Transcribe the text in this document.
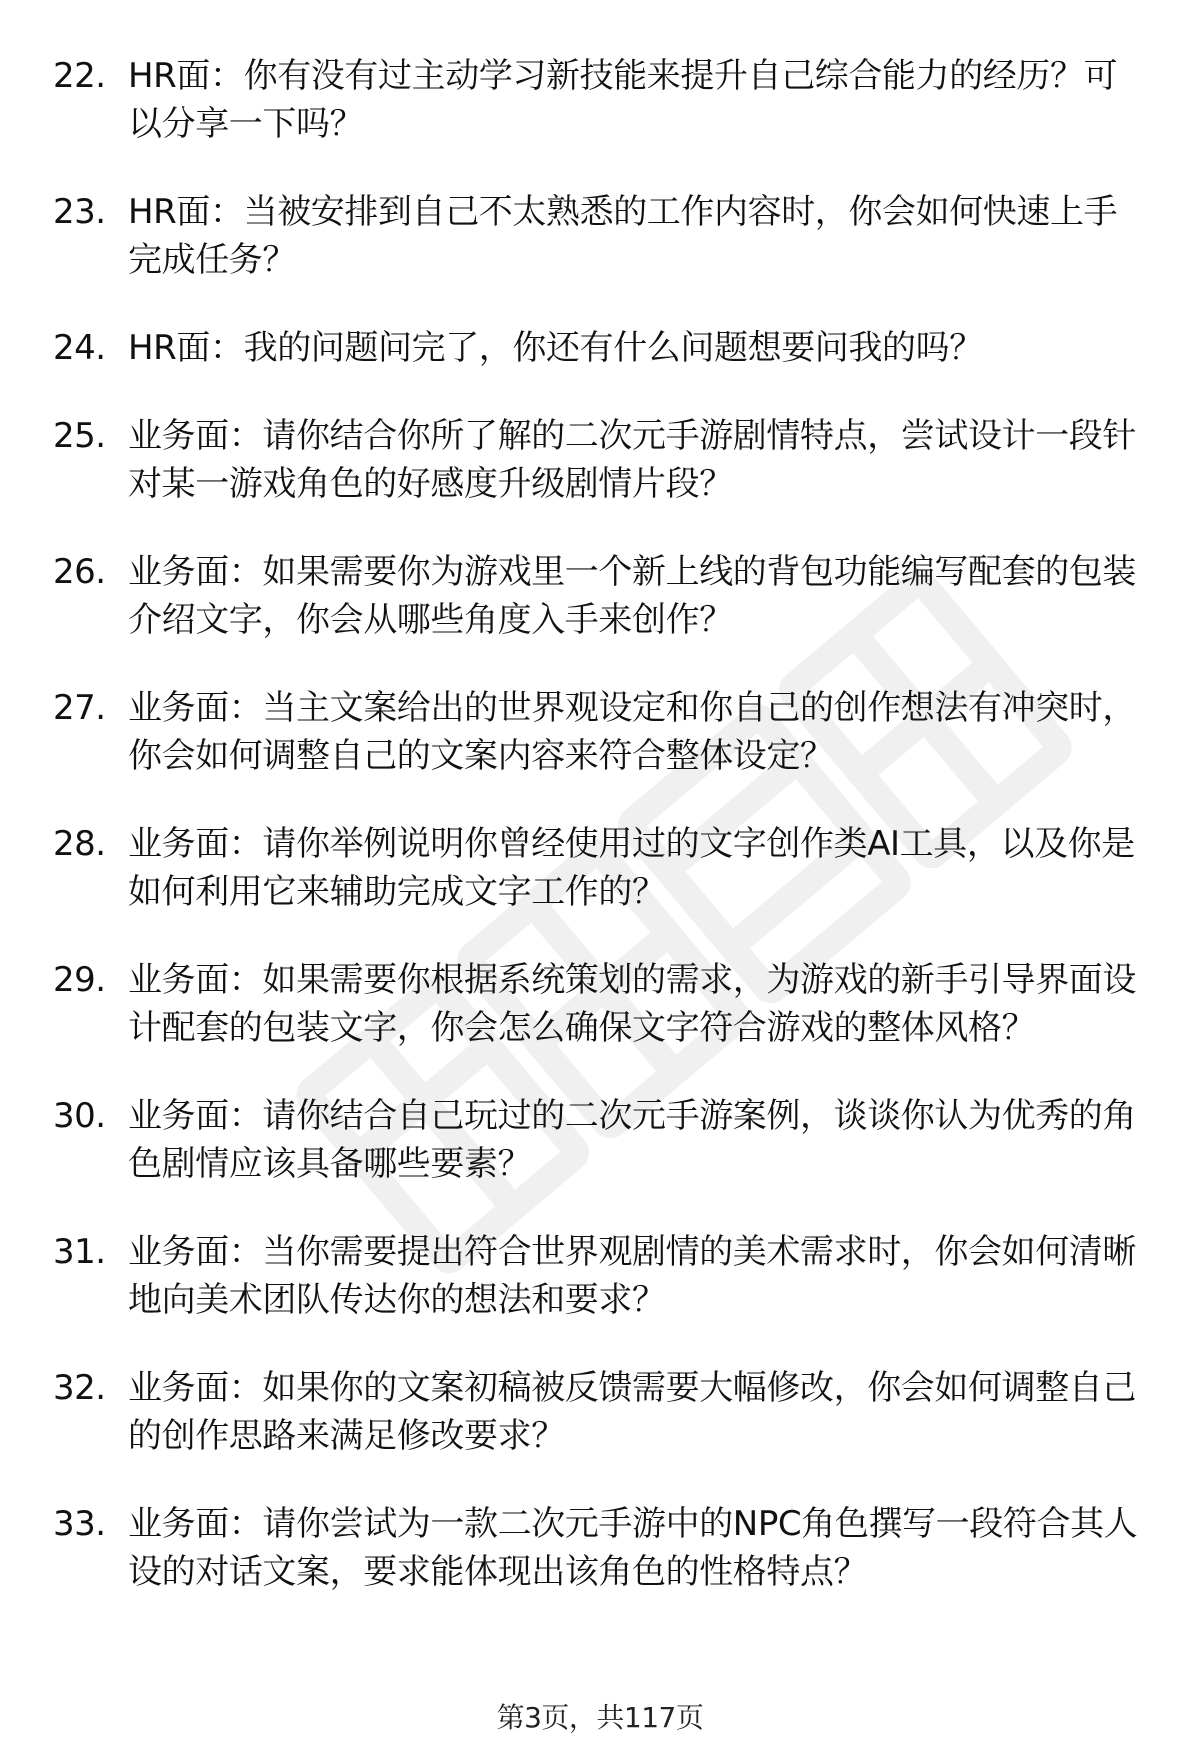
22. HR面：你有没有过主动学习新技能来提升自己综合能力的经历？可以分享一下吗？
23. HR面：当被安排到自己不太熟悉的工作内容时，你会如何快速上手完成任务？
24. HR面：我的问题问完了，你还有什么问题想要问我的吗？
25. 业务面：请你结合你所了解的二次元手游剧情特点，尝试设计一段针对某一游戏角色的好感度升级剧情片段？
26. 业务面：如果需要你为游戏里一个新上线的背包功能编写配套的包装介绍文字，你会从哪些角度入手来创作？
27. 业务面：当主文案给出的世界观设定和你自己的创作想法有冲突时，你会如何调整自己的文案内容来符合整体设定？
28. 业务面：请你举例说明你曾经使用过的文字创作类AI工具，以及你是如何利用它来辅助完成文字工作的？
29. 业务面：如果需要你根据系统策划的需求，为游戏的新手引导界面设计配套的包装文字，你会怎么确保文字符合游戏的整体风格？
30. 业务面：请你结合自己玩过的二次元手游案例，谈谈你认为优秀的角色剧情应该具备哪些要素？
31. 业务面：当你需要提出符合世界观剧情的美术需求时，你会如何清晰地向美术团队传达你的想法和要求？
32. 业务面：如果你的文案初稿被反馈需要大幅修改，你会如何调整自己的创作思路来满足修改要求？
33. 业务面：请你尝试为一款二次元手游中的NPC角色撰写一段符合其人设的对话文案，要求能体现出该角色的性格特点？
第3页，共117页
